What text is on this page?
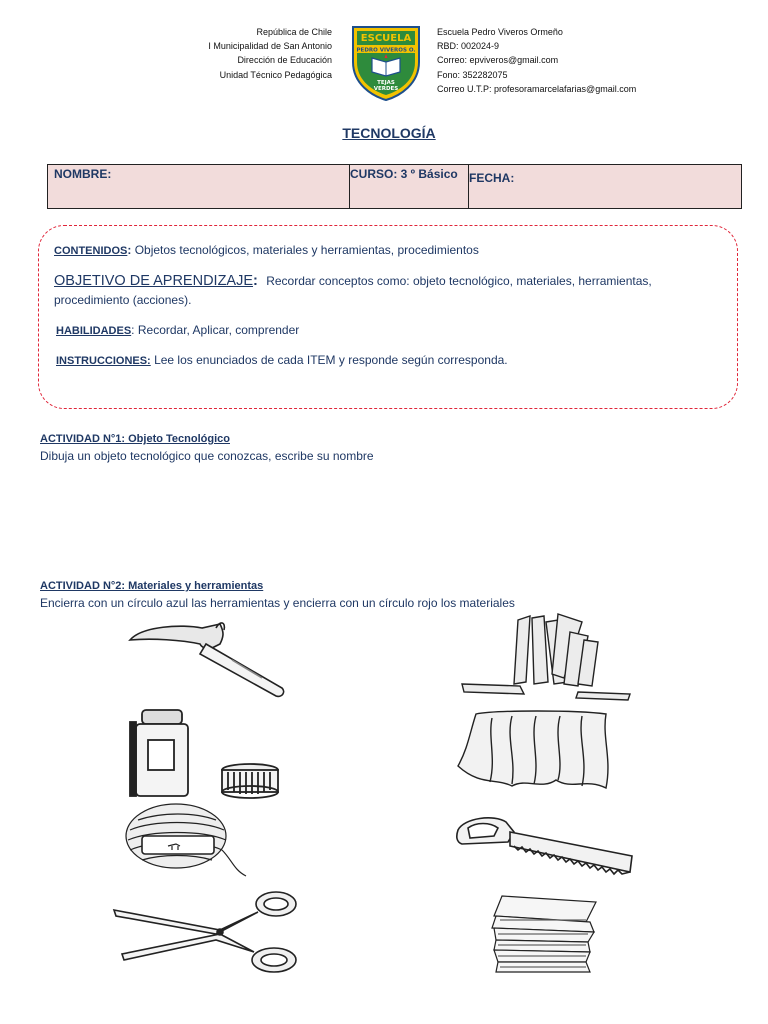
República de Chile
I Municipalidad de San Antonio
Dirección de Educación
Unidad Técnico Pedagógica
ESCUELA
PEDRO VIVEROS O.
TEJAS
VERDES
Escuela Pedro Viveros Ormeño
RBD: 002024-9
Correo: epviveros@gmail.com
Fono: 352282075
Correo U.T.P: profesoramarcelafarias@gmail.com
TECNOLOGÍA
NOMBRE:	CURSO: 3 º Básico FECHA:
CONTENIDOS: Objetos tecnológicos, materiales y herramientas, procedimientos
OBJETIVO DE APRENDIZAJE: Recordar conceptos como: objeto tecnológico, materiales, herramientas,
procedimiento (acciones).
HABILIDADES: Recordar, Aplicar, comprender
INSTRUCCIONES: Lee los enunciados de cada ITEM y responde según corresponda.
ACTIVIDAD N°1: Objeto Tecnológico
Dibuja un objeto tecnológico que conozcas, escribe su nombre
ACTIVIDAD N°2: Materiales y herramientas
Encierra con un círculo azul las herramientas y encierra con un círculo rojo los materiales
